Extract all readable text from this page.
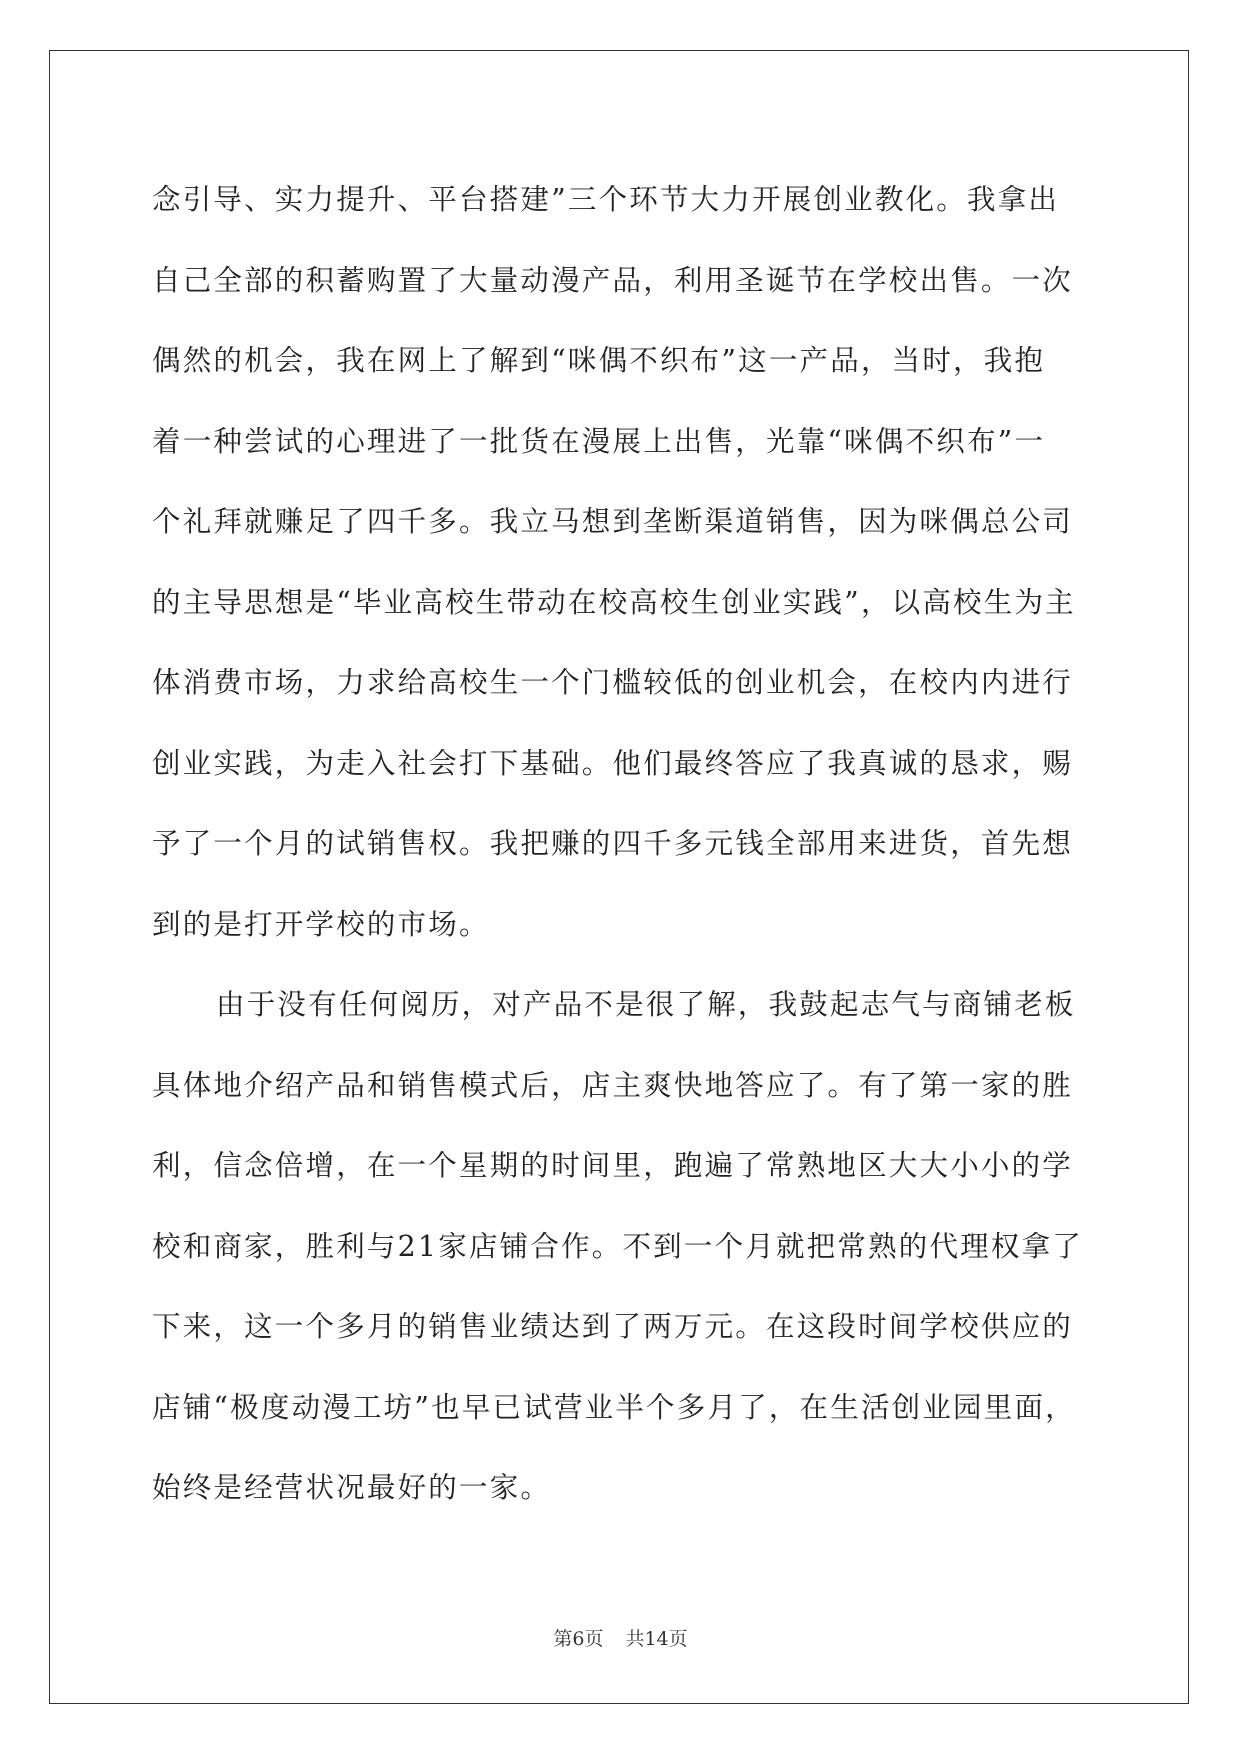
念引导、实力提升、平台搭建”三个环节大力开展创业教化。我拿出
自己全部的积蓄购置了大量动漫产品，利用圣诞节在学校出售。一次
偶然的机会，我在网上了解到“咪偶不织布”这一产品，当时，我抱
着一种尝试的心理进了一批货在漫展上出售，光靠“咪偶不织布”一
个礼拜就赚足了四千多。我立马想到垄断渠道销售，因为咪偶总公司
的主导思想是“毕业高校生带动在校高校生创业实践”，以高校生为主
体消费市场，力求给高校生一个门槛较低的创业机会，在校内内进行
创业实践，为走入社会打下基础。他们最终答应了我真诚的恳求，赐
予了一个月的试销售权。我把赚的四千多元钱全部用来进货，首先想
到的是打开学校的市场。
由于没有任何阅历，对产品不是很了解，我鼓起志气与商铺老板
具体地介绍产品和销售模式后，店主爽快地答应了。有了第一家的胜
利，信念倍增，在一个星期的时间里，跑遍了常熟地区大大小小的学
校和商家，胜利与21家店铺合作。不到一个月就把常熟的代理权拿了
下来，这一个多月的销售业绩达到了两万元。在这段时间学校供应的
店铺“极度动漫工坊”也早已试营业半个多月了，在生活创业园里面，
始终是经营状况最好的一家。
第6页 共14页
